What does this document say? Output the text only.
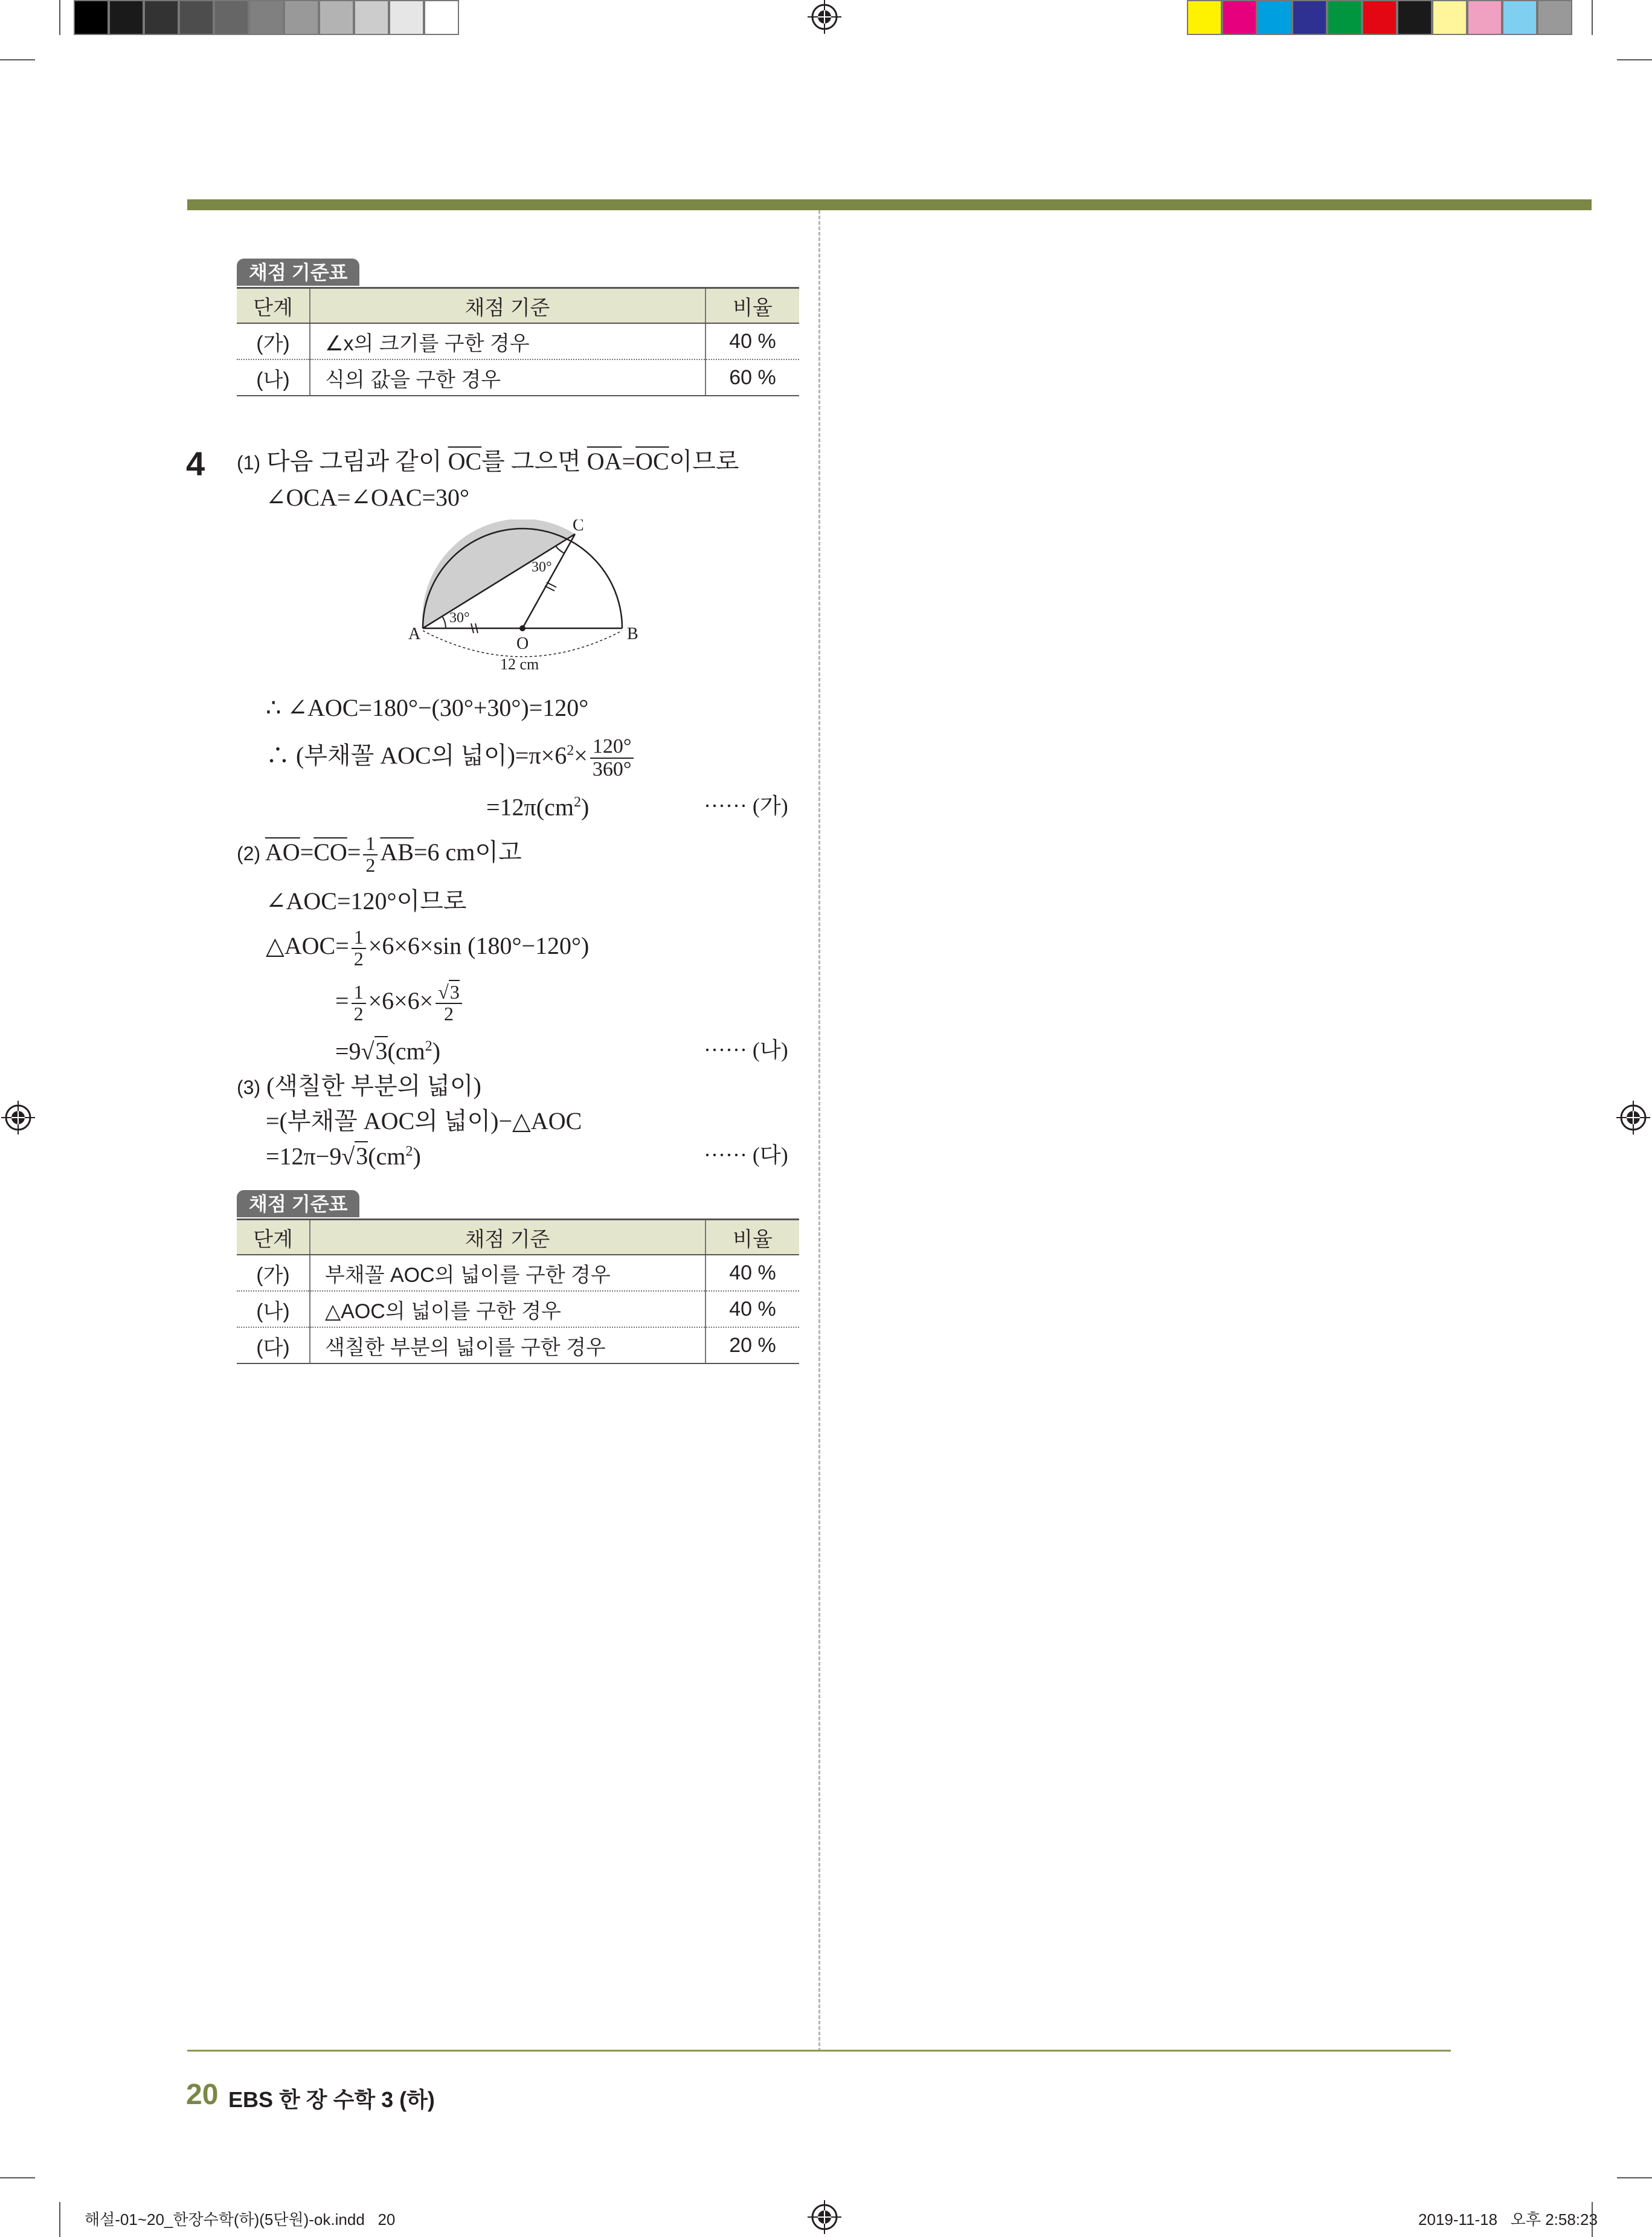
채점 기준표
단계	채점 기준	비율
(가)	∠x의 크기를 구한 경우	40 %
(나)	식의 값을 구한 경우	60 %
4 (1) 다음 그림과 같이 $\overline{OC}$를 그으면 $\overline{OA}=\overline{OC}$이므로
∠OCA=∠OAC=30°
A	B
C
O
30°
30°
12 cm
∴ ∠AOC=180°−(30°+30°)=120°
∴ (부채꼴 AOC의 넓이)$=\pi\times 6^2\times \frac{120^\circ}{360^\circ}$
$=12\pi(cm^2)$	······ (가)
(2) $\overline{AO}=\overline{CO}= \frac{1}{2} \overline{AB}=6$ cm이고
∠AOC=120°이므로
△AOC= $\frac{1}{2} \times 6\times 6\times\sin$ (180°−120°)
= $\frac{1}{2} \times 6\times 6\times \frac{√3}{2}$
$=9√3(cm^2)$	······ (나)
(3) (색칠한 부분의 넓이)
=(부채꼴 AOC의 넓이)−△AOC
$=12\pi-9√3(cm^2)$	······ (다)
채점 기준표
단계	채점 기준	비율
(가)	부채꼴 AOC의 넓이를 구한 경우	40 %
(나)	△AOC의 넓이를 구한 경우	40 %
(다)	색칠한 부분의 넓이를 구한 경우	20 %
20 EBS 한 장 수학 3 (하)
해설-01~20_한장수학(하)(5단원)-ok.indd   20	2019-11-18   오후 2:58:23
